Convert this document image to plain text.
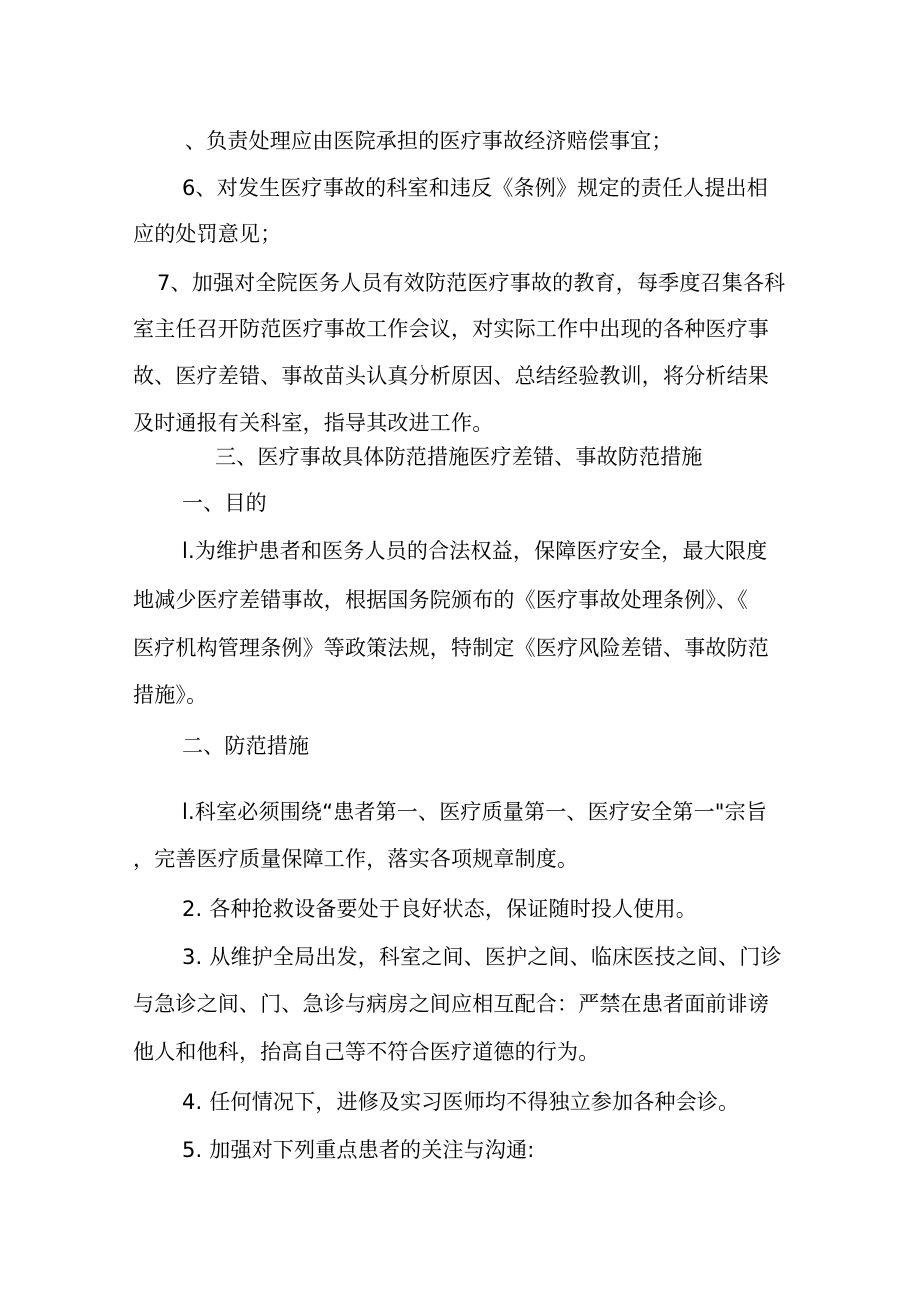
、负责处理应由医院承担的医疗事故经济赔偿事宜；
6、对发生医疗事故的科室和违反《条例》规定的责任人提出相
应的处罚意见；
7、加强对全院医务人员有效防范医疗事故的教育，每季度召集各科
室主任召开防范医疗事故工作会议，对实际工作中出现的各种医疗事
故、医疗差错、事故苗头认真分析原因、总结经验教训，将分析结果
及时通报有关科室，指导其改进工作。
三、医疗事故具体防范措施医疗差错、事故防范措施
一、目的
l.为维护患者和医务人员的合法权益，保障医疗安全，最大限度
地减少医疗差错事故，根据国务院颁布的《医疗事故处理条例》、《
医疗机构管理条例》等政策法规，特制定《医疗风险差错、事故防范
措施》。
二、防范措施
l.科室必须围绕“患者第一、医疗质量第一、医疗安全第一"宗旨
，完善医疗质量保障工作，落实各项规章制度。
2. 各种抢救设备要处于良好状态，保证随时投人使用。
3. 从维护全局出发，科室之间、医护之间、临床医技之间、门诊
与急诊之间、门、急诊与病房之间应相互配合：严禁在患者面前诽谤
他人和他科，抬高自己等不符合医疗道德的行为。
4. 任何情况下，进修及实习医师均不得独立参加各种会诊。
5. 加强对下列重点患者的关注与沟通:
